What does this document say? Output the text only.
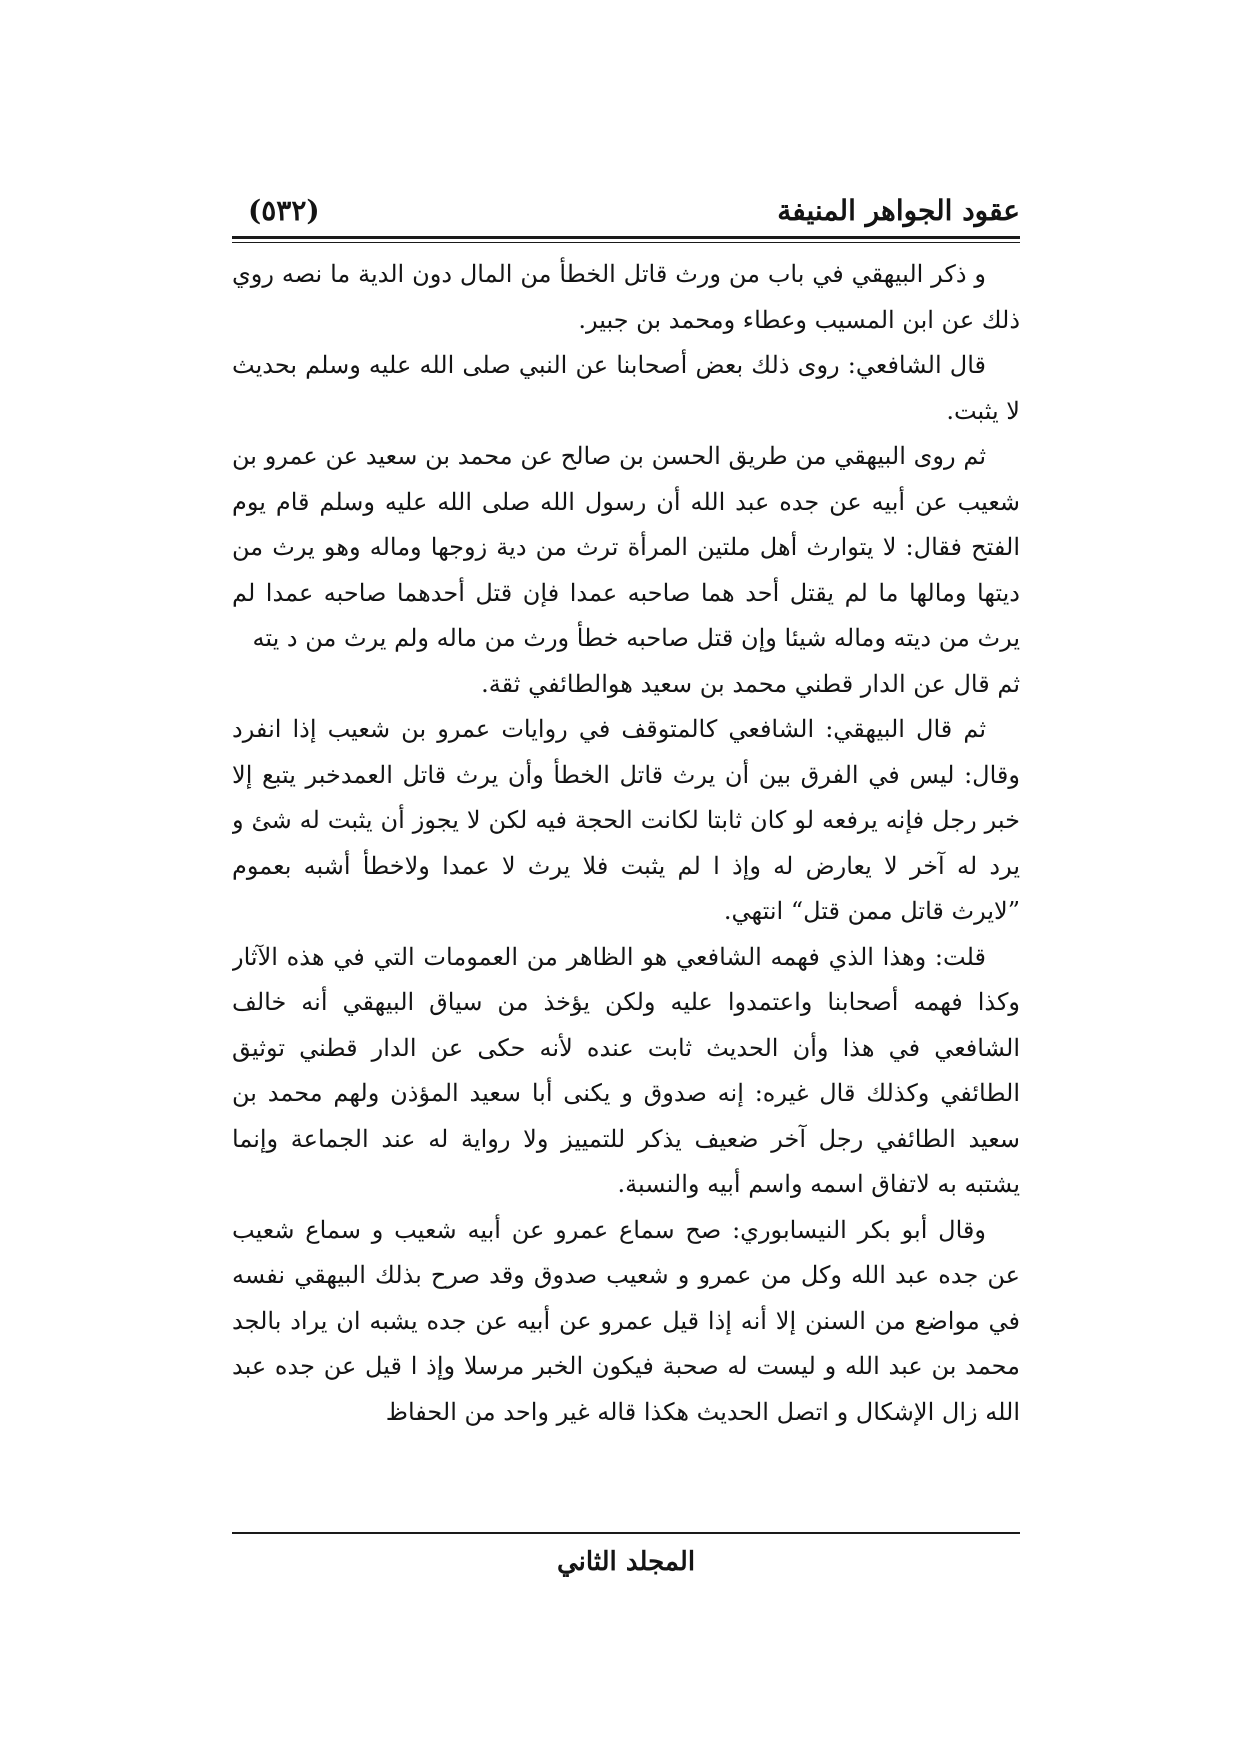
عقود الجواهر المنيفة
(٥٣٢)

و ذكر البيهقي في باب من ورث قاتل الخطأ من المال دون الدية ما نصه روي ذلك عن ابن المسيب وعطاء ومحمد بن جبير.

قال الشافعي: روى ذلك بعض أصحابنا عن النبي صلى الله عليه وسلم بحديث لا يثبت.

ثم روى البيهقي من طريق الحسن بن صالح عن محمد بن سعيد عن عمرو بن شعيب عن أبيه عن جده عبد الله أن رسول الله صلى الله عليه وسلم قام يوم الفتح فقال: لا يتوارث أهل ملتين المرأة ترث من دية زوجها وماله وهو يرث من ديتها ومالها ما لم يقتل أحد هما صاحبه عمدا فإن قتل أحدهما صاحبه عمدا لم يرث من ديته وماله شيئا وإن قتل صاحبه خطأ ورث من ماله ولم يرث من د يته

ثم قال عن الدار قطني محمد بن سعيد هوالطائفي ثقة.

ثم قال البيهقي: الشافعي كالمتوقف في روايات عمرو بن شعيب إذا انفرد وقال: ليس في الفرق بين أن يرث قاتل الخطأ وأن يرث قاتل العمدخبر يتبع إلا خبر رجل فإنه يرفعه لو كان ثابتا لكانت الحجة فيه لكن لا يجوز أن يثبت له شئ و يرد له آخر لا يعارض له وإذ ا لم يثبت فلا يرث لا عمدا ولاخطأ أشبه بعموم ”لايرث قاتل ممن قتل“ انتهي.

قلت: وهذا الذي فهمه الشافعي هو الظاهر من العمومات التي في هذه الآثار وكذا فهمه أصحابنا واعتمدوا عليه ولكن يؤخذ من سياق البيهقي أنه خالف الشافعي في هذا وأن الحديث ثابت عنده لأنه حكى عن الدار قطني توثيق الطائفي وكذلك قال غيره: إنه صدوق و يكنى أبا سعيد المؤذن ولهم محمد بن سعيد الطائفي رجل آخر ضعيف يذكر للتمييز ولا رواية له عند الجماعة وإنما يشتبه به لاتفاق اسمه واسم أبيه والنسبة.

وقال أبو بكر النيسابوري: صح سماع عمرو عن أبيه شعيب و سماع شعيب عن جده عبد الله وكل من عمرو و شعيب صدوق وقد صرح بذلك البيهقي نفسه في مواضع من السنن إلا أنه إذا قيل عمرو عن أبيه عن جده يشبه ان يراد بالجد محمد بن عبد الله و ليست له صحبة فيكون الخبر مرسلا وإذ ا قيل عن جده عبد الله زال الإشكال و اتصل الحديث هكذا قاله غير واحد من الحفاظ

المجلد الثاني
